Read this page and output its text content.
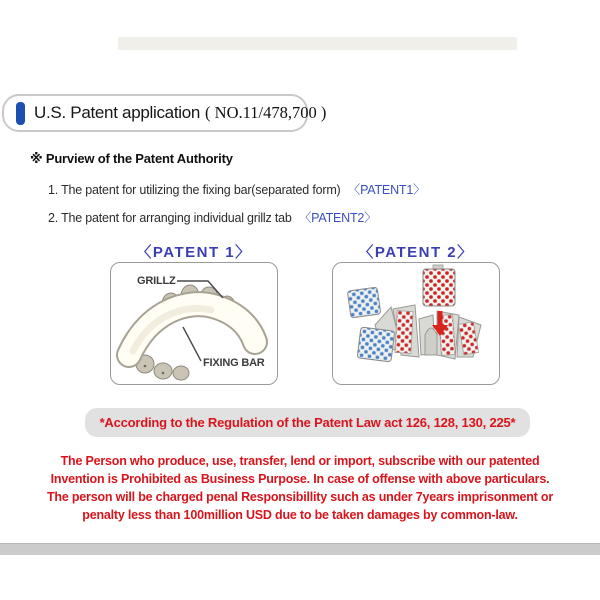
U.S. Patent application ( NO.11/478,700 )
※ Purview of the Patent Authority
1. The patent for utilizing the fixing bar(separated form) 〈PATENT1〉
2. The patent for arranging individual grillz tab 〈PATENT2〉
〈PATENT 1〉	〈PATENT 2〉
GRILLZ
FIXING BAR
*According to the Regulation of the Patent Law act 126, 128, 130, 225*
The Person who produce, use, transfer, lend or import, subscribe with our patented
Invention is Prohibited as Business Purpose. In case of offense with above particulars.
The person will be charged penal Responsibillity such as under 7years imprisonment or
penalty less than 100million USD due to be taken damages by common-law.
